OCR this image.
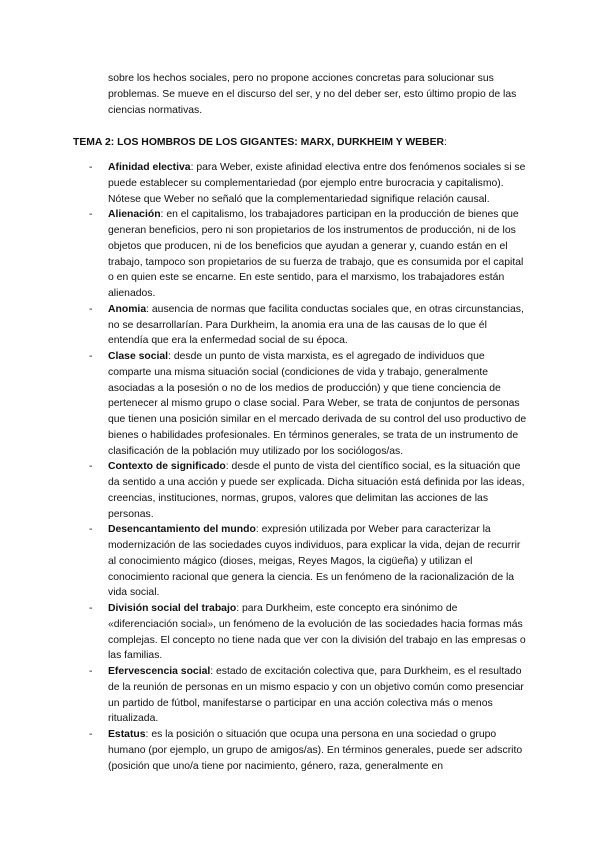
sobre los hechos sociales, pero no propone acciones concretas para solucionar sus problemas. Se mueve en el discurso del ser, y no del deber ser, esto último propio de las ciencias normativas.

TEMA 2: LOS HOMBROS DE LOS GIGANTES: MARX, DURKHEIM Y WEBER:

- Afinidad electiva: para Weber, existe afinidad electiva entre dos fenómenos sociales si se puede establecer su complementariedad (por ejemplo entre burocracia y capitalismo). Nótese que Weber no señaló que la complementariedad signifique relación causal.
- Alienación: en el capitalismo, los trabajadores participan en la producción de bienes que generan beneficios, pero ni son propietarios de los instrumentos de producción, ni de los objetos que producen, ni de los beneficios que ayudan a generar y, cuando están en el trabajo, tampoco son propietarios de su fuerza de trabajo, que es consumida por el capital o en quien este se encarne. En este sentido, para el marxismo, los trabajadores están alienados.
- Anomia: ausencia de normas que facilita conductas sociales que, en otras circunstancias, no se desarrollarían. Para Durkheim, la anomia era una de las causas de lo que él entendía que era la enfermedad social de su época.
- Clase social: desde un punto de vista marxista, es el agregado de individuos que comparte una misma situación social (condiciones de vida y trabajo, generalmente asociadas a la posesión o no de los medios de producción) y que tiene conciencia de pertenecer al mismo grupo o clase social. Para Weber, se trata de conjuntos de personas que tienen una posición similar en el mercado derivada de su control del uso productivo de bienes o habilidades profesionales. En términos generales, se trata de un instrumento de clasificación de la población muy utilizado por los sociólogos/as.
- Contexto de significado: desde el punto de vista del científico social, es la situación que da sentido a una acción y puede ser explicada. Dicha situación está definida por las ideas, creencias, instituciones, normas, grupos, valores que delimitan las acciones de las personas.
- Desencantamiento del mundo: expresión utilizada por Weber para caracterizar la modernización de las sociedades cuyos individuos, para explicar la vida, dejan de recurrir al conocimiento mágico (dioses, meigas, Reyes Magos, la cigüeña) y utilizan el conocimiento racional que genera la ciencia. Es un fenómeno de la racionalización de la vida social.
- División social del trabajo: para Durkheim, este concepto era sinónimo de «diferenciación social», un fenómeno de la evolución de las sociedades hacia formas más complejas. El concepto no tiene nada que ver con la división del trabajo en las empresas o las familias.
- Efervescencia social: estado de excitación colectiva que, para Durkheim, es el resultado de la reunión de personas en un mismo espacio y con un objetivo común como presenciar un partido de fútbol, manifestarse o participar en una acción colectiva más o menos ritualizada.
- Estatus: es la posición o situación que ocupa una persona en una sociedad o grupo humano (por ejemplo, un grupo de amigos/as). En términos generales, puede ser adscrito (posición que uno/a tiene por nacimiento, género, raza, generalmente en
